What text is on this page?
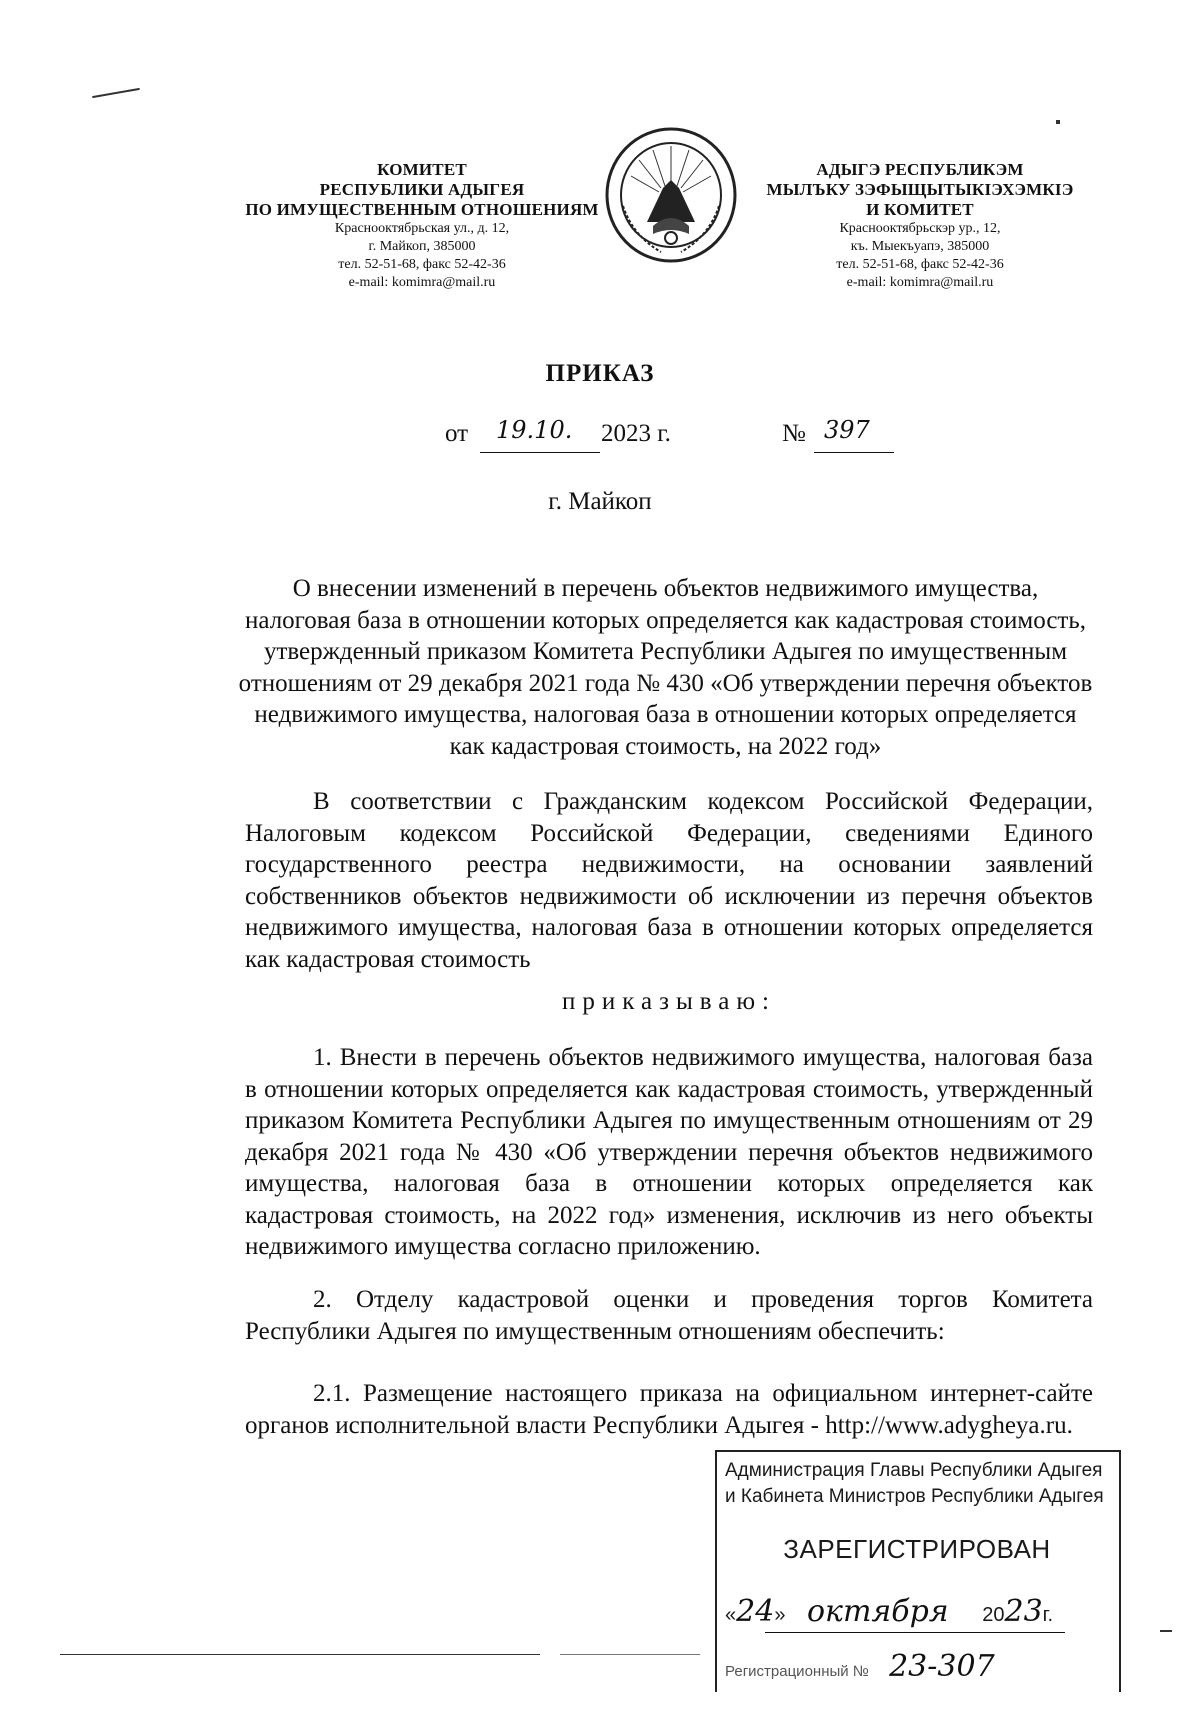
КОМИТЕТ
РЕСПУБЛИКИ АДЫГЕЯ
ПО ИМУЩЕСТВЕННЫМ ОТНОШЕНИЯМ
Краснооктябрьская ул., д. 12,
г. Майкоп, 385000
тел. 52-51-68, факс 52-42-36
e-mail: komimra@mail.ru
АДЫГЭ РЕСПУБЛИКЭМ
МЫЛЪКУ ЗЭФЫЩЫТЫКIЭХЭМКIЭ
И КОМИТЕТ
Краснооктябрьскэр ур., 12,
къ. Мыекъуапэ, 385000
тел. 52-51-68, факс 52-42-36
e-mail: komimra@mail.ru
ПРИКАЗ
от 19.10. 2023 г.	№ 397
г. Майкоп
О внесении изменений в перечень объектов недвижимого имущества, налоговая база в отношении которых определяется как кадастровая стоимость, утвержденный приказом Комитета Республики Адыгея по имущественным отношениям от 29 декабря 2021 года № 430 «Об утверждении перечня объектов недвижимого имущества, налоговая база в отношении которых определяется как кадастровая стоимость, на 2022 год»

В соответствии с Гражданским кодексом Российской Федерации, Налоговым кодексом Российской Федерации, сведениями Единого государственного реестра недвижимости, на основании заявлений собственников объектов недвижимости об исключении из перечня объектов недвижимого имущества, налоговая база в отношении которых определяется как кадастровая стоимость

приказываю:

1. Внести в перечень объектов недвижимого имущества, налоговая база в отношении которых определяется как кадастровая стоимость, утвержденный приказом Комитета Республики Адыгея по имущественным отношениям от 29 декабря 2021 года № 430 «Об утверждении перечня объектов недвижимого имущества, налоговая база в отношении которых определяется как кадастровая стоимость, на 2022 год» изменения, исключив из него объекты недвижимого имущества согласно приложению.

2. Отделу кадастровой оценки и проведения торгов Комитета Республики Адыгея по имущественным отношениям обеспечить:

2.1. Размещение настоящего приказа на официальном интернет-сайте органов исполнительной власти Республики Адыгея - http://www.adygheya.ru.

Администрация Главы Республики Адыгея
и Кабинета Министров Республики Адыгея
ЗАРЕГИСТРИРОВАН
«24» октября 2023г.
Регистрационный № 23-307
